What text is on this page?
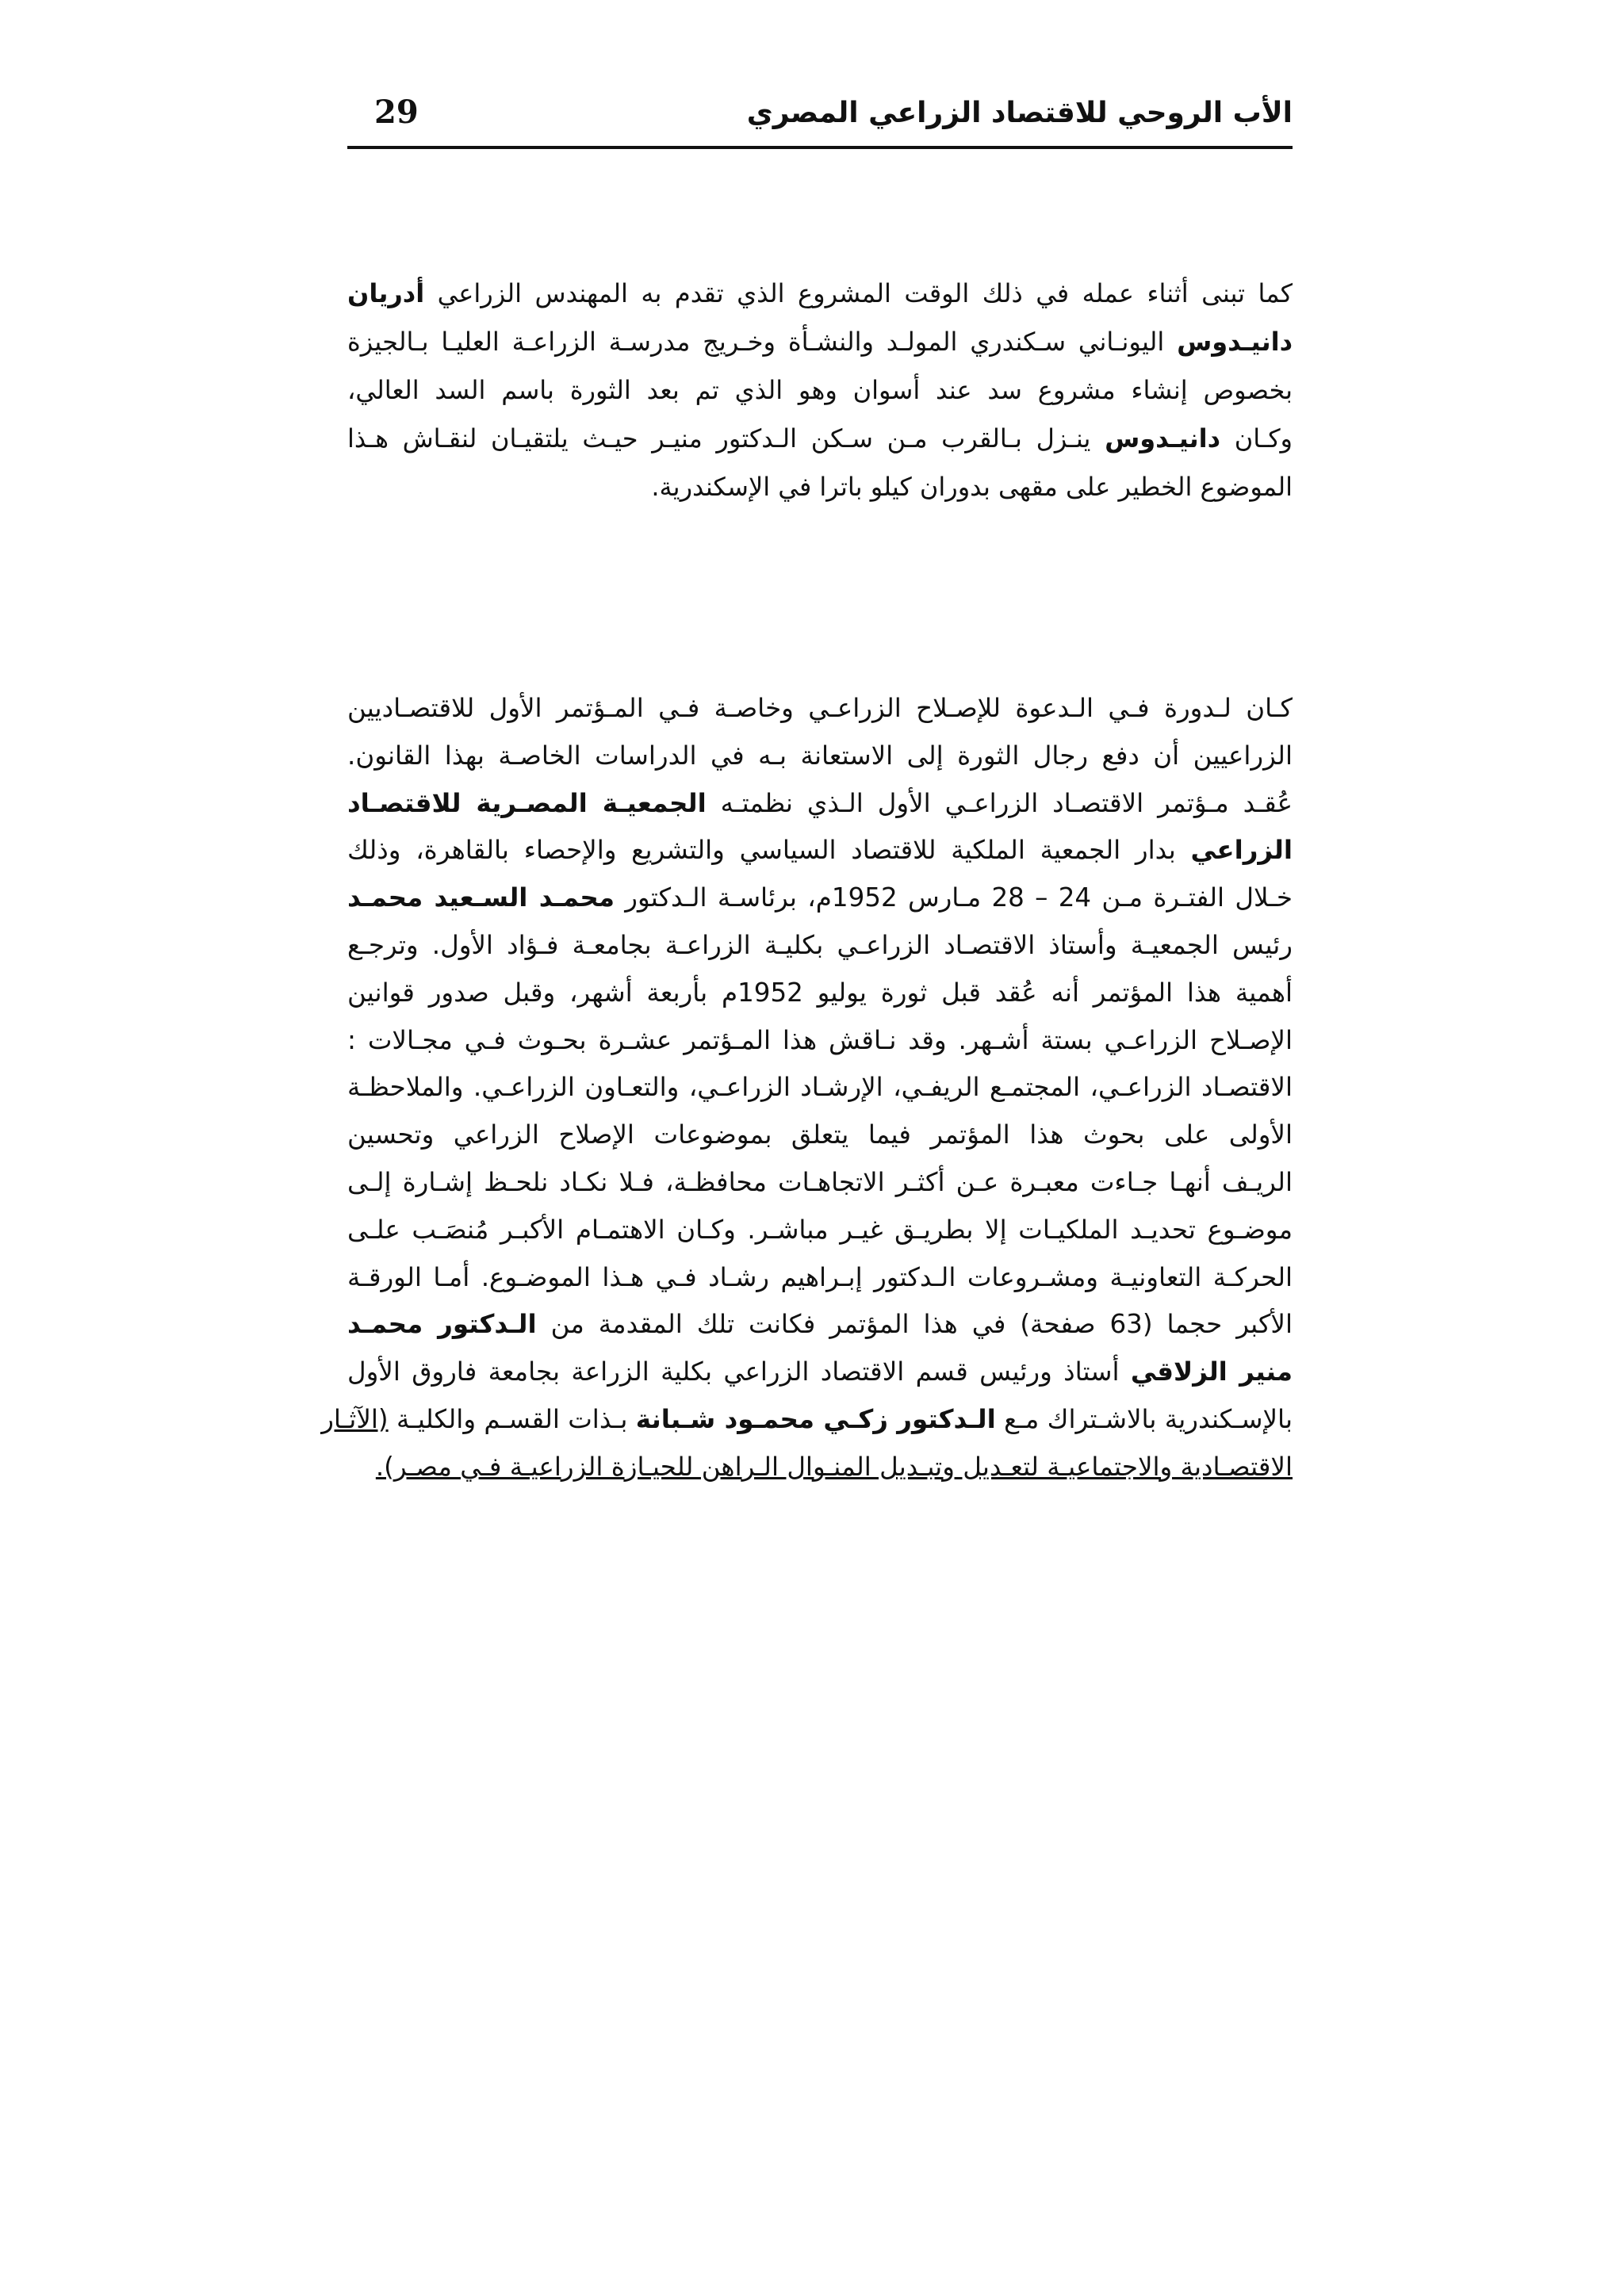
الأب الروحي للاقتصاد الزراعي المصري
29
كما تبنى أثناء عمله في ذلك الوقت المشروع الذي تقدم به المهندس الزراعي أدريان
دانيـدوس اليونـاني سـكندري المولـد والنشـأة وخـريج مدرسـة الزراعـة العليـا بـالجيزة
بخصوص إنشاء مشروع سد عند أسوان وهو الذي تم بعد الثورة باسم السد العالي،
وكـان دانيـدوس ينـزل بـالقرب مـن سـكن الـدكتور منيـر حيـث يلتقيـان لنقـاش هـذا
الموضوع الخطير على مقهى بدوران كيلو باترا في الإسكندرية.
كـان لـدورة فـي الـدعوة للإصـلاح الزراعـي وخاصـة فـي المـؤتمر الأول للاقتصـاديين
الزراعيين أن دفع رجال الثورة إلى الاستعانة بـه في الدراسات الخاصـة بهذا القانون.
عُقـد مـؤتمر الاقتصـاد الزراعـي الأول الـذي نظمتـه الجمعيـة المصـرية للاقتصـاد
الزراعي بدار الجمعية الملكية للاقتصاد السياسي والتشريع والإحصاء بالقاهرة، وذلك
خـلال الفتـرة مـن 24 – 28 مـارس 1952م، برئاسـة الـدكتور محمـد السـعيد محمـد
رئيس الجمعيـة وأستاذ الاقتصـاد الزراعـي بكليـة الزراعـة بجامعـة فـؤاد الأول. وترجـع
أهمية هذا المؤتمر أنه عُقد قبل ثورة يوليو 1952م بأربعة أشهر، وقبل صدور قوانين
الإصـلاح الزراعـي بستة أشـهر. وقد نـاقش هذا المـؤتمر عشـرة بحـوث فـي مجـالات :
الاقتصـاد الزراعـي، المجتمـع الريفـي، الإرشـاد الزراعـي، والتعـاون الزراعـي. والملاحظـة
الأولى على بحوث هذا المؤتمر فيما يتعلق بموضوعات الإصلاح الزراعي وتحسين
الريـف أنهـا جـاءت معبـرة عـن أكثـر الاتجاهـات محافظـة، فـلا نكـاد نلحـظ إشـارة إلـى
موضـوع تحديـد الملكيـات إلا بطريـق غيـر مباشـر. وكـان الاهتمـام الأكبـر مُنصَـب علـى
الحركـة التعاونيـة ومشـروعات الـدكتور إبـراهيم رشـاد فـي هـذا الموضـوع. أمـا الورقـة
الأكبر حجما (63 صفحة) في هذا المؤتمر فكانت تلك المقدمة من الـدكتور محمـد
منير الزلاقي أستاذ ورئيس قسم الاقتصاد الزراعي بكلية الزراعة بجامعة فاروق الأول
بالإسـكندرية بالاشـتراك مـع الـدكتور زكـي محمـود شـبانة بـذات القسـم والكليـة (الآثـار
الاقتصـادية والاجتماعيـة لتعـديل وتبـديل المنـوال الـراهن للحيـازة الزراعيـة فـي مصـر).
